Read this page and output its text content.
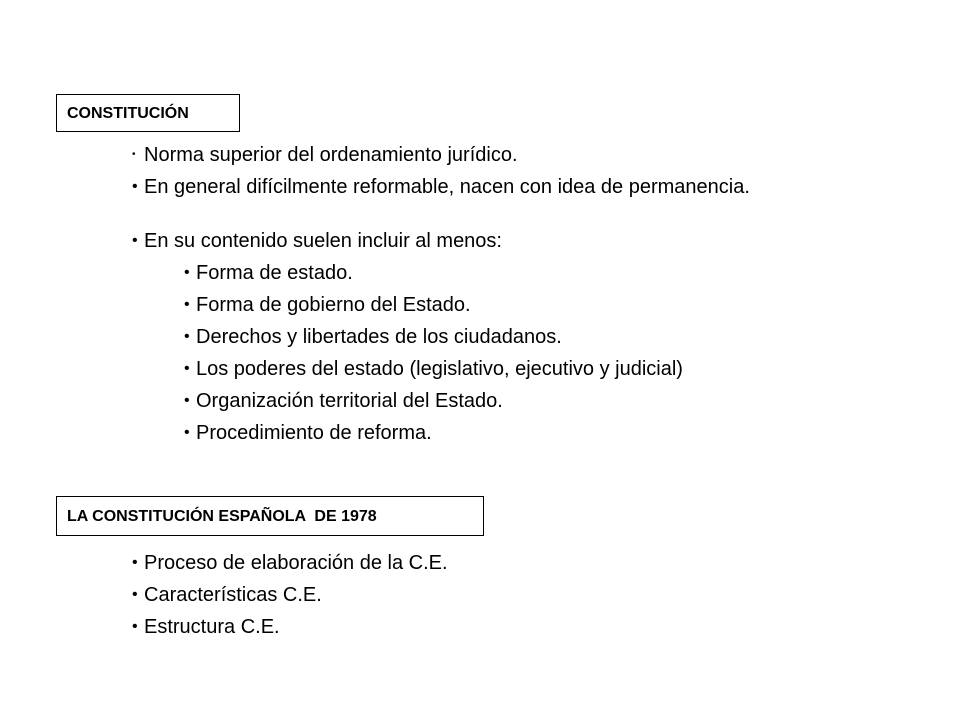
CONSTITUCIÓN
• Norma superior del ordenamiento jurídico.
• En general difícilmente reformable, nacen con idea de permanencia.
• En su contenido suelen incluir al menos:
• Forma de estado.
• Forma de gobierno del Estado.
• Derechos y libertades de los ciudadanos.
• Los poderes del estado (legislativo, ejecutivo y judicial)
• Organización territorial del Estado.
• Procedimiento de reforma.
LA CONSTITUCIÓN ESPAÑOLA  DE 1978
• Proceso de elaboración de la C.E.
• Características C.E.
• Estructura C.E.
